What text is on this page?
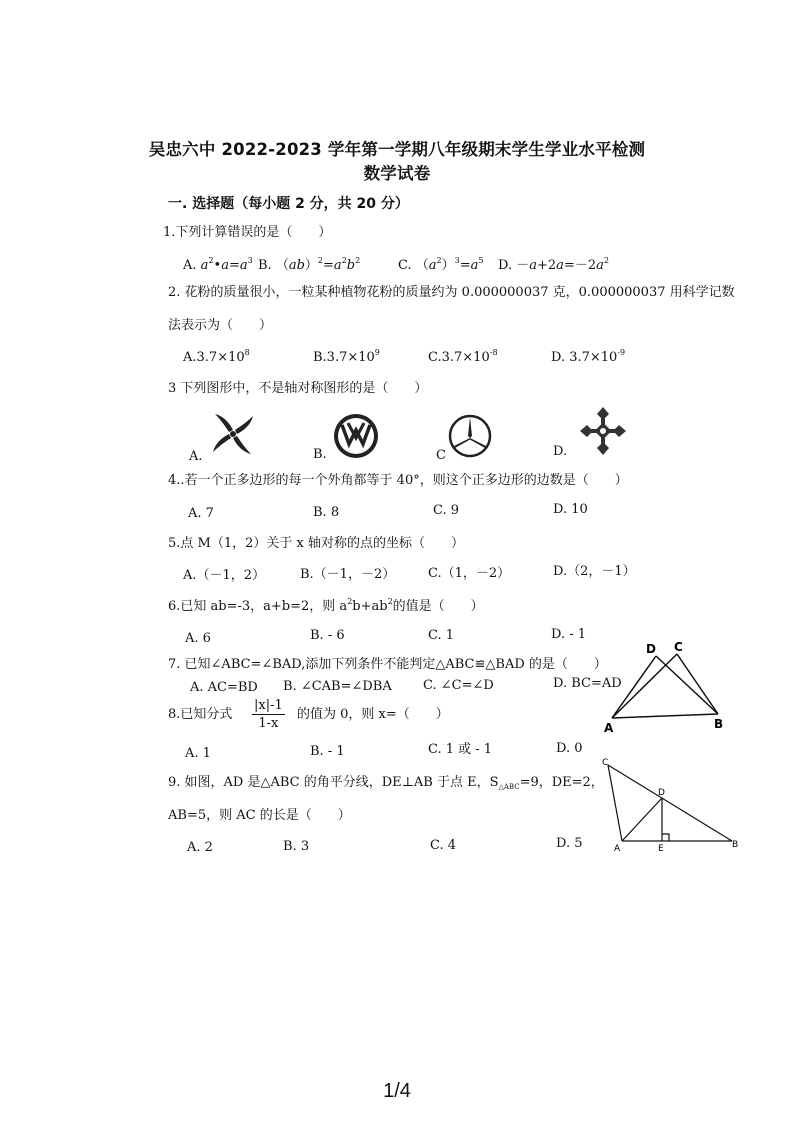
吴忠六中 2022-2023 学年第一学期八年级期末学生学业水平检测
数学试卷
一. 选择题（每小题 2 分，共 20 分）
1.下列计算错误的是（　　）
A. $a^2•a=a^3$ B. $(ab)^2=a^2b^2$	C. $(a^2)^3=a^5$ D. $-a+2a=-2a^2$
2. 花粉的质量很小，一粒某种植物花粉的质量约为 0.000000037 克，0.000000037 用科学记数
法表示为（　　）
$A.3.7\times 10^8$	$B.3.7\times 10^9$	$C.3.7\times 10^{-8}$	D. $3.7\times 10^{-9}$
3 下列图形中，不是轴对称图形的是（　　）
A.	B.	C	D.
4..若一个正多边形的每一个外角都等于 40°，则这个正多边形的边数是（　　）
A. 7	B. 8	C. 9	D. 10
5.点 M（1，2）关于 x 轴对称的点的坐标（　　）
A.（－1，2）	B.（－1，－2）	C.（1，－2）	D.（2，－1）
6.已知 ab=-3，a+b=2，则 $a^2b+ab^2$的值是（　　）
A. 6	B. - 6	C. 1	D. - 1
7. 已知∠ABC=∠BAD,添加下列条件不能判定△ABC≌△BAD 的是（　　）
A. AC=BD B. ∠CAB=∠DBA C. ∠C=∠D	D. BC=AD
D C
A	B
8.已知分式 $\frac{|x|-1}{1-x}$ 的值为 0，则 x=（　　）
A. 1	B. - 1	C. 1 或 - 1	D. 0
9. 如图，AD 是△ABC 的角平分线，DE⊥AB 于点 E，$S_{\triangle ABC}=9$，DE=2，
AB=5，则 AC 的长是（　　）
A. 2	B. 3	C. 4	D. 5
C
D
A	E	B
1/4
